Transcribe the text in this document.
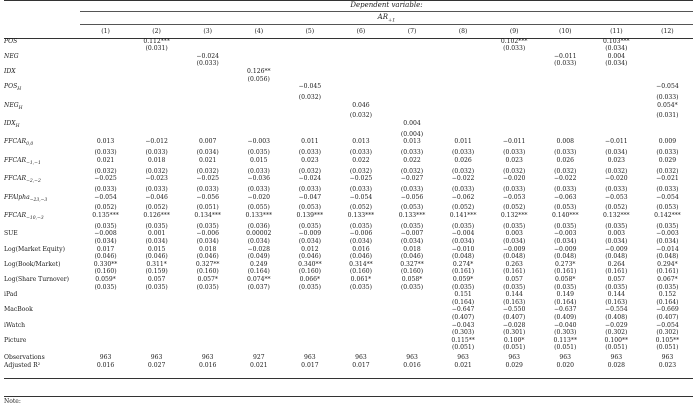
Dependent variable:
$AR_{+1}$
	(1)	(2)	(3)	(4)	(5)	(6)	(7)	(8)	(9)	(10)	(11)	(12)
POS		0.112***							0.102***		0.103***	
		(0.031)							(0.033)		(0.034)	
NEG			−0.024							−0.011	0.004	
			(0.033)							(0.033)	(0.034)	
IDX				0.126**								
				(0.056)								
$POS_H$					−0.045							−0.054
					(0.032)							(0.033)
$NEG_H$						0.046						0.054*
						(0.032)						(0.031)
$IDX_H$							0.004					
							(0.004)					
$FFCAR_{0,0}$	0.013	−0.012	0.007	−0.003	0.011	0.013	0.013	0.011	−0.011	0.008	−0.011	0.009
	(0.033)	(0.033)	(0.034)	(0.035)	(0.033)	(0.033)	(0.033)	(0.033)	(0.033)	(0.033)	(0.034)	(0.033)
$FFCAR_{-1,-1}$	0.021	0.018	0.021	0.015	0.023	0.022	0.022	0.026	0.023	0.026	0.023	0.029
	(0.032)	(0.032)	(0.032)	(0.033)	(0.032)	(0.032)	(0.032)	(0.032)	(0.032)	(0.032)	(0.032)	(0.032)
$FFCAR_{-2,-2}$	−0.025	−0.023	−0.025	−0.036	−0.024	−0.025	−0.027	−0.022	−0.020	−0.022	−0.020	−0.021
	(0.033)	(0.033)	(0.033)	(0.033)	(0.033)	(0.033)	(0.033)	(0.033)	(0.033)	(0.033)	(0.033)	(0.033)
FFAlpha$_{-23,-3}$	−0.054	−0.046	−0.056	−0.020	−0.047	−0.054	−0.056	−0.062	−0.053	−0.063	−0.053	−0.054
	(0.052)	(0.052)	(0.051)	(0.055)	(0.053)	(0.052)	(0.053)	(0.052)	(0.052)	(0.053)	(0.052)	(0.053)
$FFCAR_{-10,-3}$	0.135***	0.126***	0.134***	0.133***	0.139***	0.133***	0.133***	0.141***	0.132***	0.140***	0.132***	0.142***
	(0.035)	(0.035)	(0.035)	(0.036)	(0.035)	(0.035)	(0.035)	(0.035)	(0.035)	(0.035)	(0.035)	(0.035)
SUE	−0.008	0.001	−0.006	0.00002	−0.009	−0.006	−0.007	−0.004	0.003	−0.003	0.003	−0.003
	(0.034)	(0.034)	(0.034)	(0.034)	(0.034)	(0.034)	(0.034)	(0.034)	(0.034)	(0.034)	(0.034)	(0.034)
Log(Market Equity)	0.017	0.015	0.018	−0.028	0.012	0.016	0.018	−0.010	−0.009	−0.009	−0.009	−0.014
	(0.046)	(0.046)	(0.046)	(0.049)	(0.046)	(0.046)	(0.046)	(0.048)	(0.048)	(0.048)	(0.048)	(0.048)
Log(Book/Market)	0.330**	0.311*	0.327**	0.249	0.340**	0.314**	0.327**	0.274*	0.263	0.273*	0.264	0.294*
	(0.160)	(0.159)	(0.160)	(0.164)	(0.160)	(0.160)	(0.160)	(0.161)	(0.161)	(0.161)	(0.161)	(0.161)
Log(Share Turnover)	0.059*	0.057	0.057*	0.074**	0.066*	0.061*	0.058*	0.059*	0.057	0.058*	0.057	0.067*
	(0.035)	(0.035)	(0.035)	(0.037)	(0.035)	(0.035)	(0.035)	(0.035)	(0.035)	(0.035)	(0.035)	(0.035)
iPad								0.151	0.144	0.149	0.144	0.152
								(0.164)	(0.163)	(0.164)	(0.163)	(0.164)
MacBook								−0.647	−0.550	−0.637	−0.554	−0.669
								(0.407)	(0.407)	(0.409)	(0.408)	(0.407)
iWatch								−0.043	−0.028	−0.040	−0.029	−0.054
								(0.303)	(0.301)	(0.303)	(0.302)	(0.302)
Picture								0.115**	0.100*	0.113**	0.100**	0.105**
								(0.051)	(0.051)	(0.051)	(0.051)	(0.051)

Observations	963	963	963	927	963	963	963	963	963	963	963	963
Adjusted R²	0.016	0.027	0.016	0.021	0.017	0.017	0.016	0.021	0.029	0.020	0.028	0.023
Note:
